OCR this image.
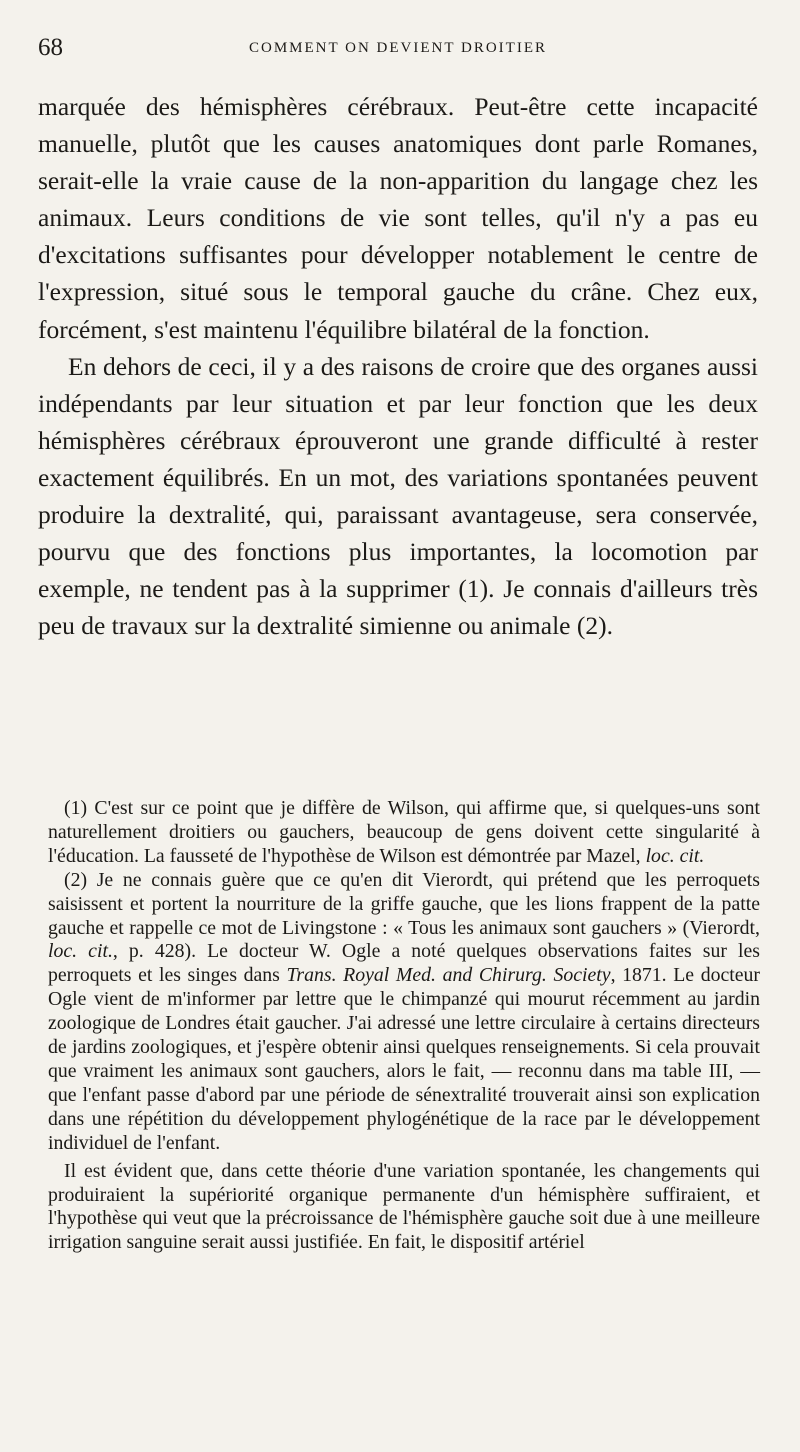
68	COMMENT ON DEVIENT DROITIER

marquée des hémisphères cérébraux. Peut-être cette incapacité manuelle, plutôt que les causes anatomiques dont parle Romanes, serait-elle la vraie cause de la non-apparition du langage chez les animaux. Leurs conditions de vie sont telles, qu'il n'y a pas eu d'excitations suffisantes pour développer notablement le centre de l'expression, situé sous le temporal gauche du crâne. Chez eux, forcément, s'est maintenu l'équilibre bilatéral de la fonction.

En dehors de ceci, il y a des raisons de croire que des organes aussi indépendants par leur situation et par leur fonction que les deux hémisphères cérébraux éprouveront une grande difficulté à rester exactement équilibrés. En un mot, des variations spontanées peuvent produire la dextralité, qui, paraissant avantageuse, sera conservée, pourvu que des fonctions plus importantes, la locomotion par exemple, ne tendent pas à la supprimer (1). Je connais d'ailleurs très peu de travaux sur la dextralité simienne ou animale (2).

(1) C'est sur ce point que je diffère de Wilson, qui affirme que, si quelques-uns sont naturellement droitiers ou gauchers, beaucoup de gens doivent cette singularité à l'éducation. La fausseté de l'hypothèse de Wilson est démontrée par Mazel, loc. cit.

(2) Je ne connais guère que ce qu'en dit Vierordt, qui prétend que les perroquets saisissent et portent la nourriture de la griffe gauche, que les lions frappent de la patte gauche et rappelle ce mot de Livingstone : « Tous les animaux sont gauchers » (Vierordt, loc. cit., p. 428). Le docteur W. Ogle a noté quelques observations faites sur les perroquets et les singes dans Trans. Royal Med. and Chirurg. Society, 1871. Le docteur Ogle vient de m'informer par lettre que le chimpanzé qui mourut récemment au jardin zoologique de Londres était gaucher. J'ai adressé une lettre circulaire à certains directeurs de jardins zoologiques, et j'espère obtenir ainsi quelques renseignements. Si cela prouvait que vraiment les animaux sont gauchers, alors le fait, — reconnu dans ma table III, — que l'enfant passe d'abord par une période de sénextralité trouverait ainsi son explication dans une répétition du développement phylogénétique de la race par le développement individuel de l'enfant.

Il est évident que, dans cette théorie d'une variation spontanée, les changements qui produiraient la supériorité organique permanente d'un hémisphère suffiraient, et l'hypothèse qui veut que la précroissance de l'hémisphère gauche soit due à une meilleure irrigation sanguine serait aussi justifiée. En fait, le dispositif artériel
